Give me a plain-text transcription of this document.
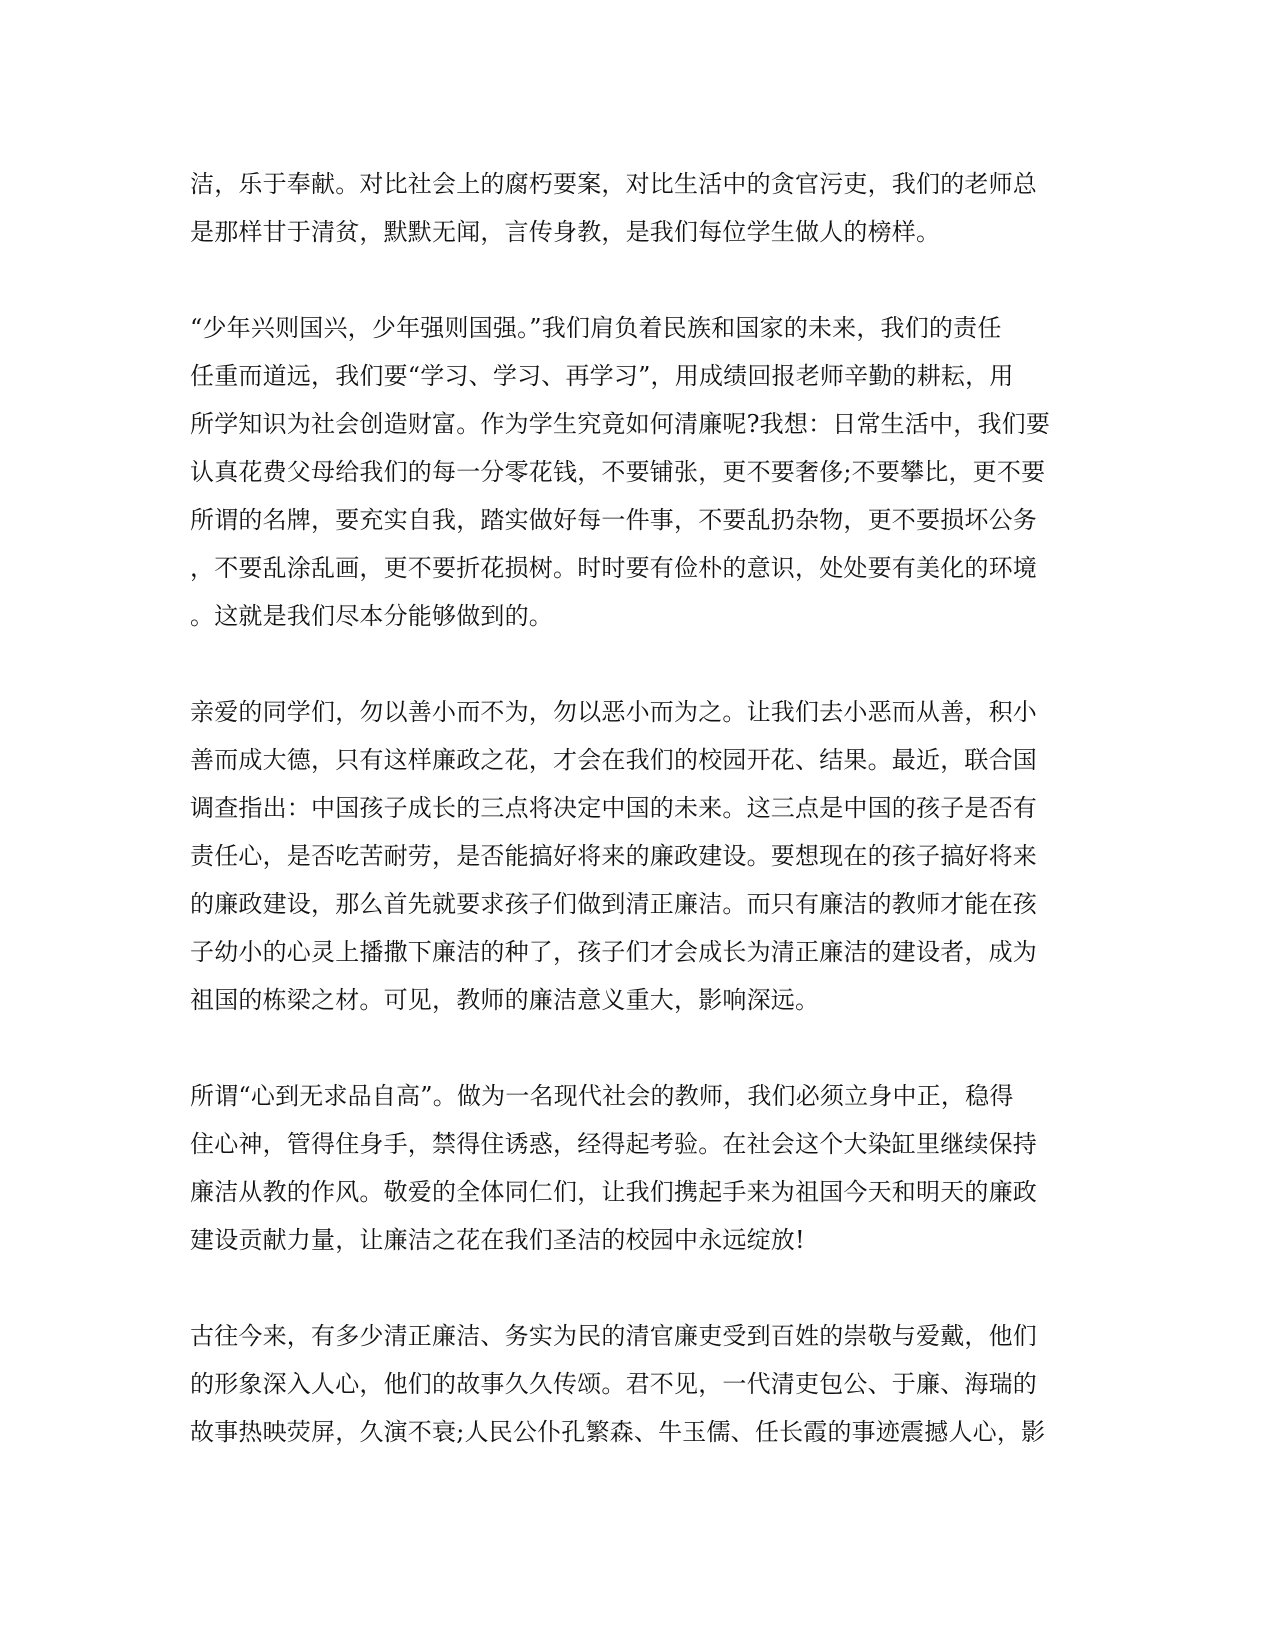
洁，乐于奉献。对比社会上的腐朽要案，对比生活中的贪官污吏，我们的老师总
是那样甘于清贫，默默无闻，言传身教，是我们每位学生做人的榜样。

“少年兴则国兴，少年强则国强。”我们肩负着民族和国家的未来，我们的责任
任重而道远，我们要“学习、学习、再学习”，用成绩回报老师辛勤的耕耘，用
所学知识为社会创造财富。作为学生究竟如何清廉呢?我想：日常生活中，我们要
认真花费父母给我们的每一分零花钱，不要铺张，更不要奢侈;不要攀比，更不要
所谓的名牌，要充实自我，踏实做好每一件事，不要乱扔杂物，更不要损坏公务
，不要乱涂乱画，更不要折花损树。时时要有俭朴的意识，处处要有美化的环境
。这就是我们尽本分能够做到的。

亲爱的同学们，勿以善小而不为，勿以恶小而为之。让我们去小恶而从善，积小
善而成大德，只有这样廉政之花，才会在我们的校园开花、结果。最近，联合国
调查指出：中国孩子成长的三点将决定中国的未来。这三点是中国的孩子是否有
责任心，是否吃苦耐劳，是否能搞好将来的廉政建设。要想现在的孩子搞好将来
的廉政建设，那么首先就要求孩子们做到清正廉洁。而只有廉洁的教师才能在孩
子幼小的心灵上播撒下廉洁的种了，孩子们才会成长为清正廉洁的建设者，成为
祖国的栋梁之材。可见，教师的廉洁意义重大，影响深远。

所谓“心到无求品自高”。做为一名现代社会的教师，我们必须立身中正，稳得
住心神，管得住身手，禁得住诱惑，经得起考验。在社会这个大染缸里继续保持
廉洁从教的作风。敬爱的全体同仁们，让我们携起手来为祖国今天和明天的廉政
建设贡献力量，让廉洁之花在我们圣洁的校园中永远绽放!

古往今来，有多少清正廉洁、务实为民的清官廉吏受到百姓的崇敬与爱戴，他们
的形象深入人心，他们的故事久久传颂。君不见，一代清吏包公、于廉、海瑞的
故事热映荧屏，久演不衰;人民公仆孔繁森、牛玉儒、任长霞的事迹震撼人心，影
